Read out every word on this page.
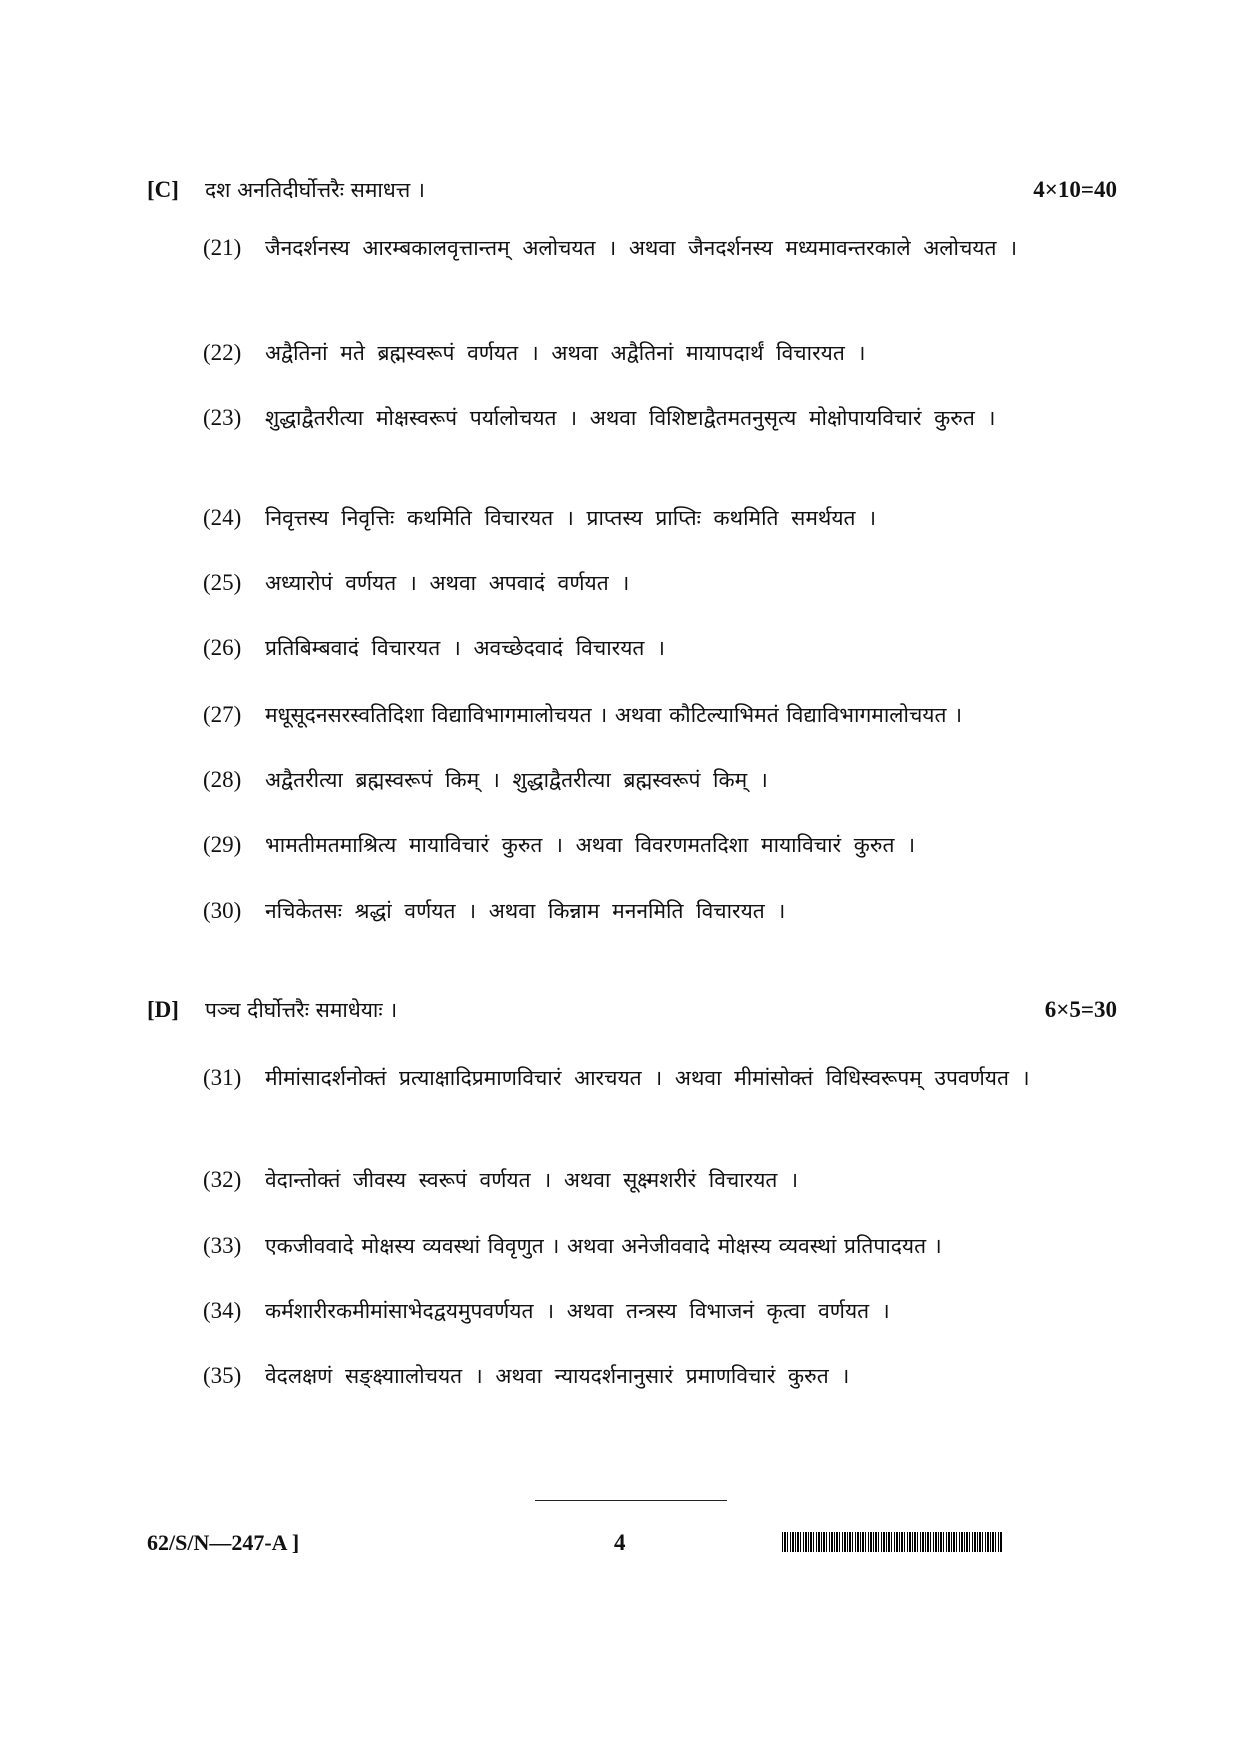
[C] दश अनतिदीर्घोत्तरैः समाधत्त ।	4×10=40
(21) जैनदर्शनस्य आरम्बकालवृत्तान्तम् अलोचयत । अथवा जैनदर्शनस्य मध्यमावन्तरकाले अलोचयत ।
(22) अद्वैतिनां मते ब्रह्मस्वरूपं वर्णयत । अथवा अद्वैतिनां मायापदार्थं विचारयत ।
(23) शुद्धाद्वैतरीत्या मोक्षस्वरूपं पर्यालोचयत । अथवा विशिष्टाद्वैतमतनुसृत्य मोक्षोपायविचारं कुरुत ।
(24) निवृत्तस्य निवृत्तिः कथमिति विचारयत । प्राप्तस्य प्राप्तिः कथमिति समर्थयत ।
(25) अध्यारोपं वर्णयत । अथवा अपवादं वर्णयत ।
(26) प्रतिबिम्बवादं विचारयत । अवच्छेदवादं विचारयत ।
(27) मधूसूदनसरस्वतिदिशा विद्याविभागमालोचयत । अथवा कौटिल्याभिमतं विद्याविभागमालोचयत ।
(28) अद्वैतरीत्या ब्रह्मस्वरूपं किम् । शुद्धाद्वैतरीत्या ब्रह्मस्वरूपं किम् ।
(29) भामतीमतमाश्रित्य मायाविचारं कुरुत । अथवा विवरणमतदिशा मायाविचारं कुरुत ।
(30) नचिकेतसः श्रद्धां वर्णयत । अथवा किन्नाम मननमिति विचारयत ।
[D] पञ्च दीर्घोत्तरैः समाधेयाः ।	6×5=30
(31) मीमांसादर्शनोक्तं प्रत्याक्षादिप्रमाणविचारं आरचयत । अथवा मीमांसोक्तं विधिस्वरूपम् उपवर्णयत ।
(32) वेदान्तोक्तं जीवस्य स्वरूपं वर्णयत । अथवा सूक्ष्मशरीरं विचारयत ।
(33) एकजीववादे मोक्षस्य व्यवस्थां विवृणुत । अथवा अनेजीववादे मोक्षस्य व्यवस्थां प्रतिपादयत ।
(34) कर्मशारीरकमीमांसाभेदद्वयमुपवर्णयत । अथवा तन्त्रस्य विभाजनं कृत्वा वर्णयत ।
(35) वेदलक्षणं सङ्क्ष्याालोचयत । अथवा न्यायदर्शनानुसारं प्रमाणविचारं कुरुत ।
62/S/N—247-A ]	4
